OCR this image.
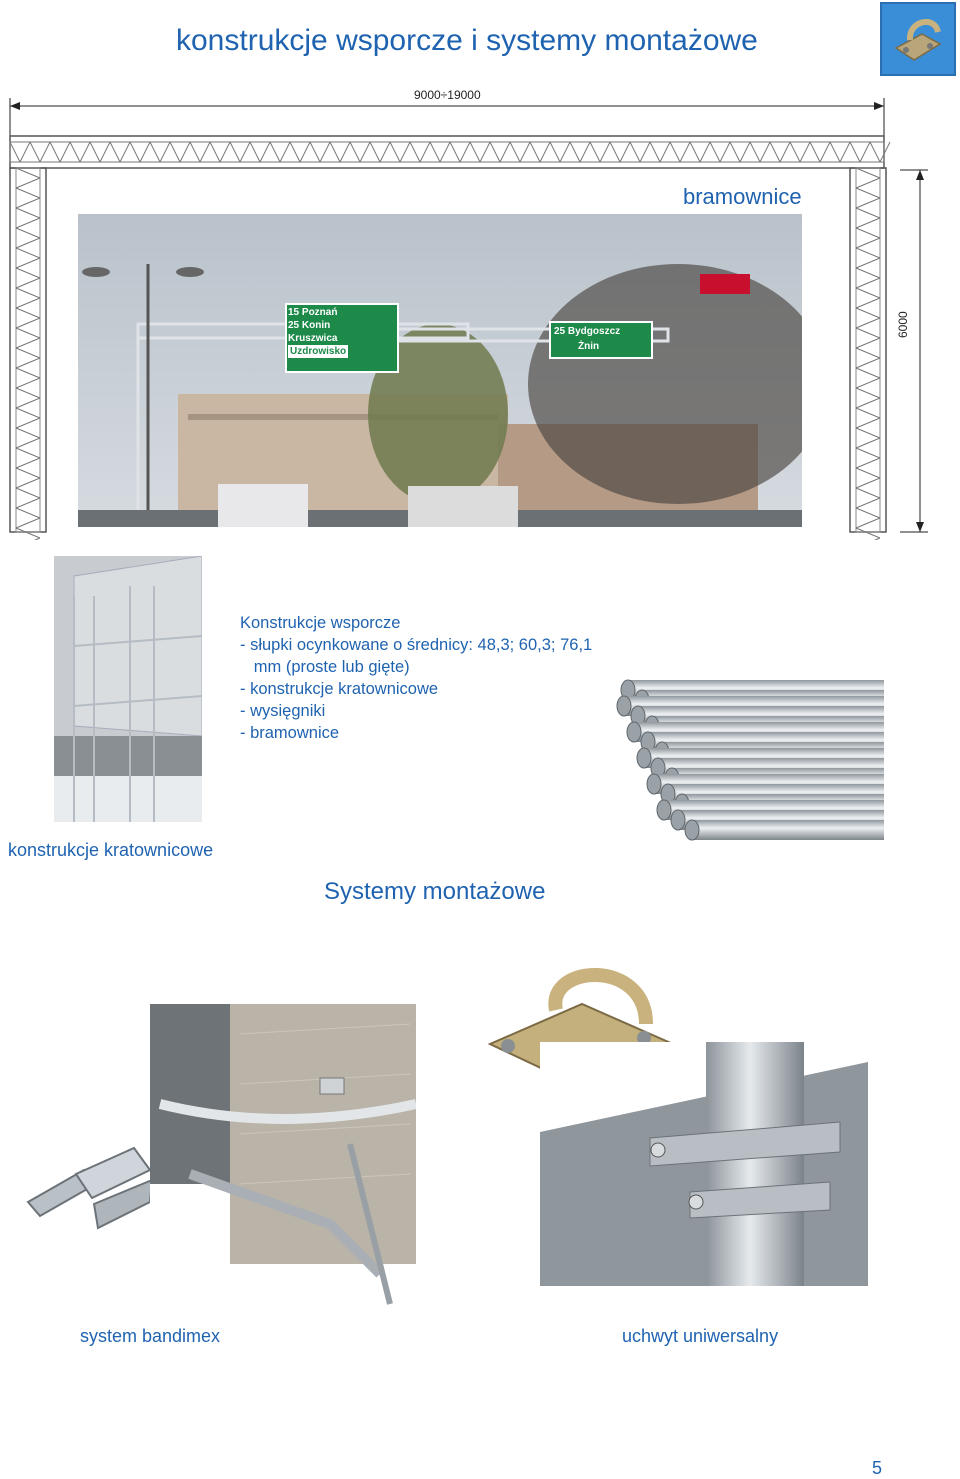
konstrukcje wsporcze i systemy montażowe
9000÷19000
6000
bramownice
15 Poznań
25 Konin
Kruszwica
Uzdrowisko
25 Bydgoszcz
Żnin
Konstrukcje wsporcze
- słupki ocynkowane o średnicy: 48,3; 60,3; 76,1
mm (proste lub gięte)
- konstrukcje kratownicowe
- wysięgniki
- bramownice
konstrukcje kratownicowe
Systemy montażowe
system bandimex	uchwyt uniwersalny
5
